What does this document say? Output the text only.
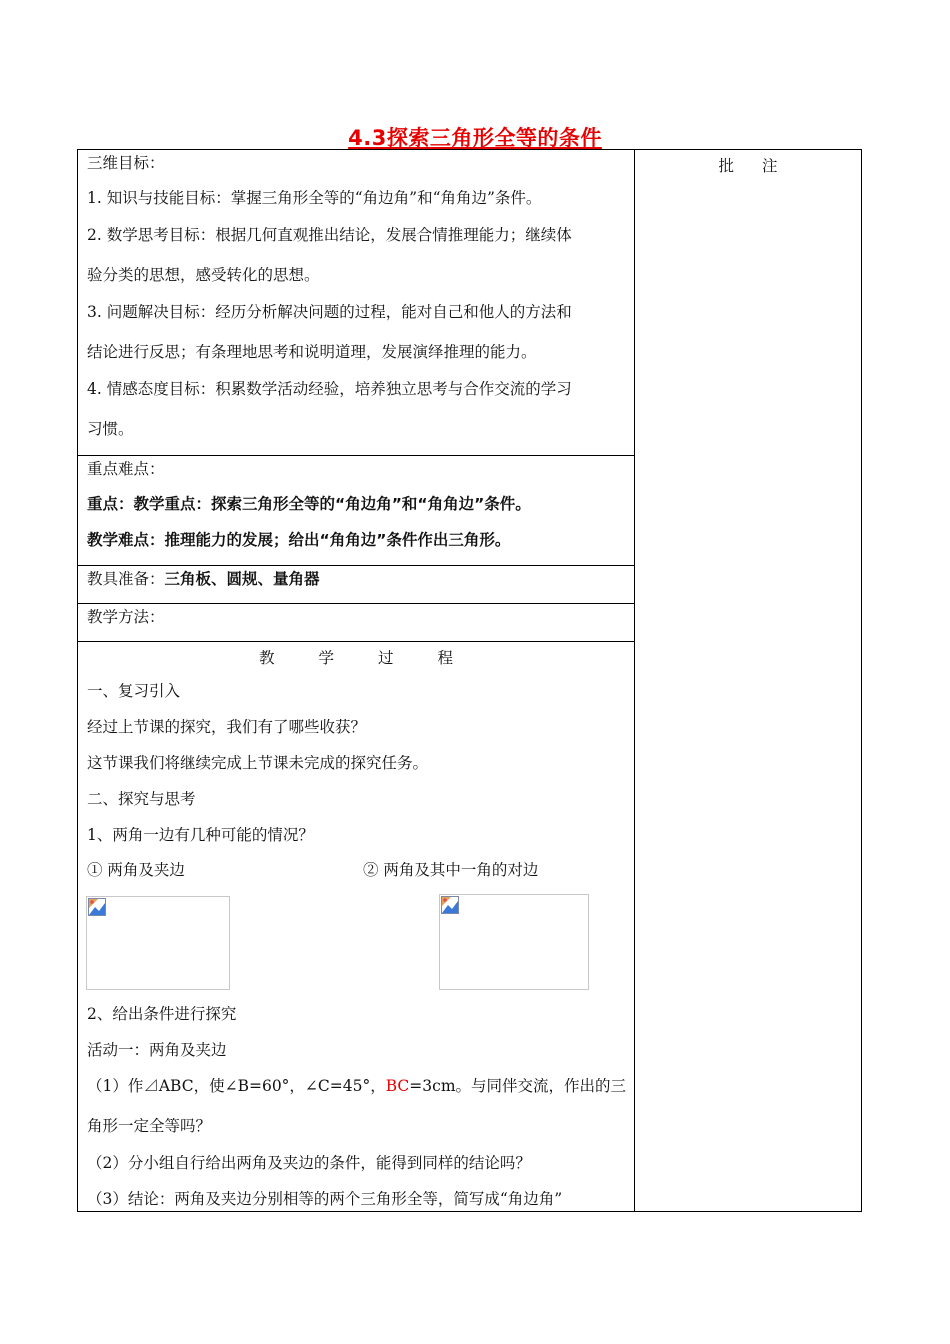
4.3探索三角形全等的条件
批注
三维目标：
1. 知识与技能目标：掌握三角形全等的“角边角”和“角角边”条件。
2. 数学思考目标：根据几何直观推出结论，发展合情推理能力；继续体
验分类的思想，感受转化的思想。
3. 问题解决目标：经历分析解决问题的过程，能对自己和他人的方法和
结论进行反思；有条理地思考和说明道理，发展演绎推理的能力。
4. 情感态度目标：积累数学活动经验，培养独立思考与合作交流的学习
习惯。
重点难点：
重点：教学重点：探索三角形全等的“角边角”和“角角边”条件。
教学难点：推理能力的发展；给出“角角边”条件作出三角形。
教具准备：三角板、圆规、量角器
教学方法：
教	学	过	程
一、复习引入
经过上节课的探究，我们有了哪些收获？
这节课我们将继续完成上节课未完成的探究任务。
二、探究与思考
1、两角一边有几种可能的情况？
① 两角及夹边	② 两角及其中一角的对边
2、给出条件进行探究
活动一：两角及夹边
（1）作⊿ABC，使∠B=60°，∠C=45°，BC=3cm。与同伴交流，作出的三
角形一定全等吗？
（2）分小组自行给出两角及夹边的条件，能得到同样的结论吗？
（3）结论：两角及夹边分别相等的两个三角形全等，简写成“角边角”
